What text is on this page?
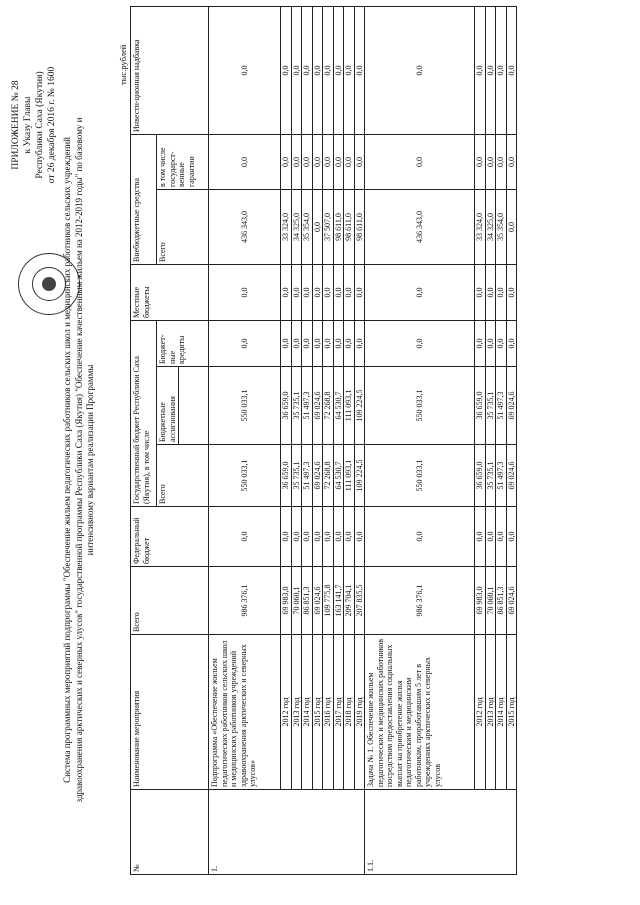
ПРИЛОЖЕНИЕ № 28 к Указу Главы Республики Саха (Якутия) от 26 декабря 2016 г. № 1600
Система программных мероприятий подпрограммы "Обеспечение жильем педагогических работников сельских школ и медицинских работников сельских учреждений здравоохранения арктических и северных улусов" государственной программы Республики Саха (Якутия) "Обеспечение качественным жильем на 2012-2019 годы" по базовому и интенсивному вариантам реализации Программы
тыс.рублей
№	Наименование мероприятия	Всего	Федеральный бюджет	Государственный бюджет Республики Саха (Якутия), в том числе			Местные бюджеты	Внебюджетные средства		Инвести-ционная надбавка
				Всего	Бюджетные ассигнования	Бюджет-ные кредиты		Всего	в том числе государст-венные гарантии	

1.	Подпрограмма «Обеспечение жильем педагогических работников сельских школ и медицинских работников учреждений здравоохранения арктических и северных улусов»	986 376,1	0,0	550 033,1	550 033,1	0,0	0,0	436 343,0	0,0	0,0
	2012 год	69 983,0	0,0	36 659,0	36 659,0	0,0	0,0	33 324,0	0,0	0,0
	2013 год	70 060,1	0,0	35 735,1	35 735,1	0,0	0,0	34 325,0	0,0	0,0
	2014 год	86 851,3	0,0	51 497,3	51 497,3	0,0	0,0	35 354,0	0,0	0,0
	2015 год	69 024,6	0,0	69 024,6	69 024,6	0,0	0,0	0,0	0,0	0,0
	2016 год	109 775,8	0,0	72 268,8	72 268,8	0,0	0,0	37 507,0	0,0	0,0
	2017 год	163 141,7	0,0	64 530,7	64 530,7	0,0	0,0	98 611,0	0,0	0,0
	2018 год	209 704,1	0,0	111 093,1	111 093,1	0,0	0,0	98 611,0	0,0	0,0
	2019 год	207 835,5	0,0	109 224,5	109 224,5	0,0	0,0	98 611,0	0,0	0,0
1.1.	Задача № 1. Обеспечение жильем педагогических и медицинских работников посредством предоставления социальных выплат на приобретение жилья педагогическим и медицинским работникам, проработавшим 5 лет в учреждениях арктических и северных улусов	986 376,1	0,0	550 033,1	550 033,1	0,0	0,0	436 343,0	0,0	0,0
	2012 год	69 983,0	0,0	36 659,0	36 659,0	0,0	0,0	33 324,0	0,0	0,0
	2013 год	70 060,1	0,0	35 735,1	35 735,1	0,0	0,0	34 325,0	0,0	0,0
	2014 год	86 851,3	0,0	51 497,3	51 497,3	0,0	0,0	35 354,0	0,0	0,0
	2015 год	69 024,6	0,0	69 024,6	69 024,6	0,0	0,0	0,0	0,0	0,0
